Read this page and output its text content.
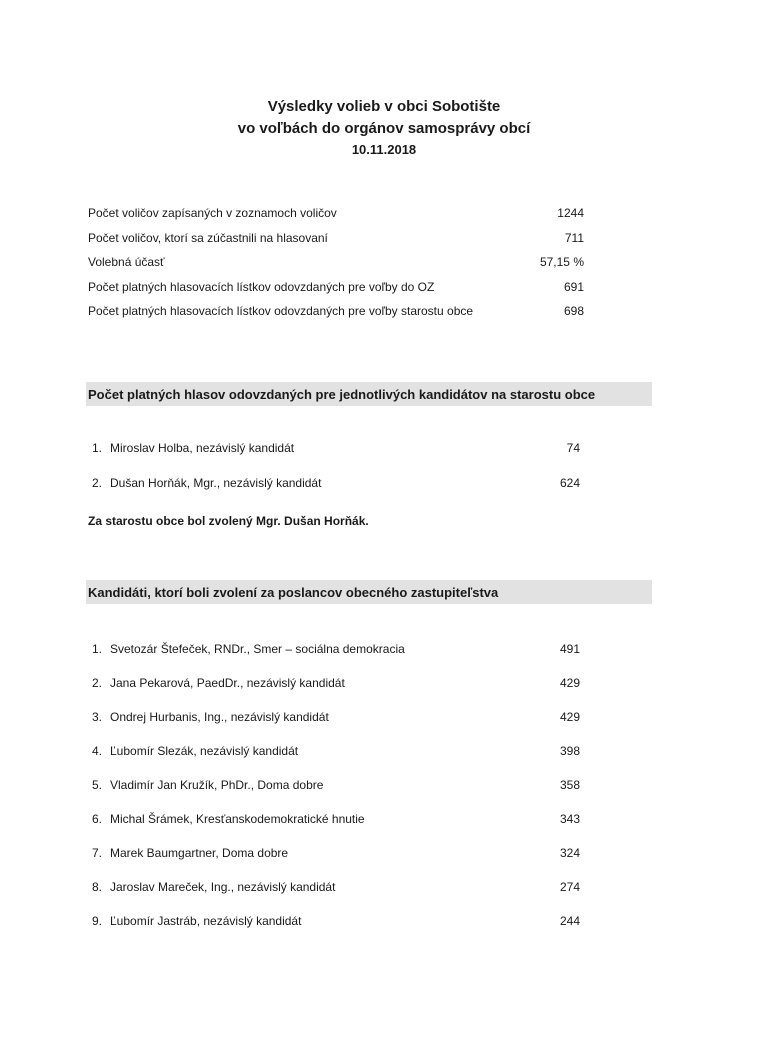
Výsledky volieb v obci Sobotište
vo voľbách do orgánov samosprávy obcí
10.11.2018
Počet voličov zapísaných v zoznamoch voličov	1244
Počet voličov, ktorí sa zúčastnili na hlasovaní	711
Volebná účasť	57,15 %
Počet platných hlasovacích lístkov odovzdaných pre voľby do OZ	691
Počet platných hlasovacích lístkov odovzdaných pre voľby starostu obce	698
Počet platných hlasov odovzdaných pre jednotlivých kandidátov na starostu obce
1. Miroslav Holba, nezávislý kandidát	74
2. Dušan Horňák, Mgr., nezávislý kandidát	624
Za starostu obce bol zvolený Mgr. Dušan Horňák.
Kandidáti, ktorí boli zvolení za poslancov obecného zastupiteľstva
1. Svetozár Štefeček, RNDr., Smer – sociálna demokracia	491
2. Jana Pekarová, PaedDr., nezávislý kandidát	429
3. Ondrej Hurbanis, Ing., nezávislý kandidát	429
4. Ľubomír Slezák, nezávislý kandidát	398
5. Vladimír Jan Kružík, PhDr., Doma dobre	358
6. Michal Šrámek, Kresťanskodemokratické hnutie	343
7. Marek Baumgartner, Doma dobre	324
8. Jaroslav Mareček, Ing., nezávislý kandidát	274
9. Ľubomír Jastráb, nezávislý kandidát	244
